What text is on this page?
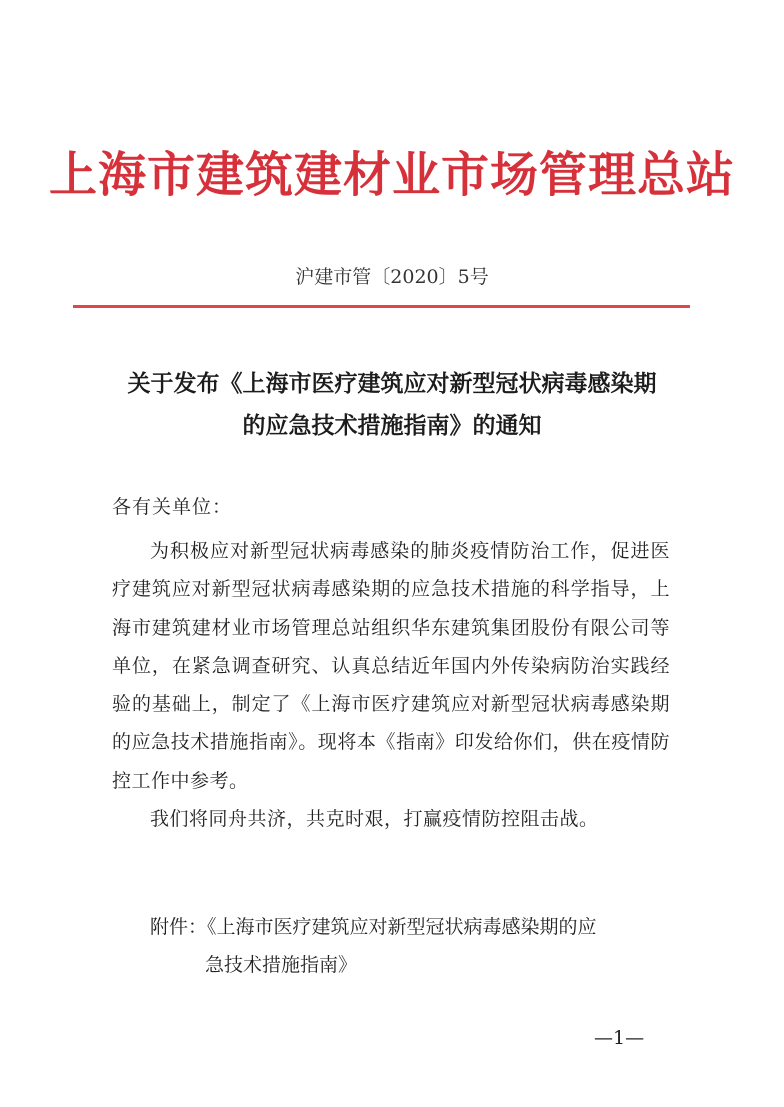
上海市建筑建材业市场管理总站
沪建市管〔2020〕5号
关于发布《上海市医疗建筑应对新型冠状病毒感染期
的应急技术措施指南》的通知
各有关单位：

为积极应对新型冠状病毒感染的肺炎疫情防治工作，促进医疗建筑应对新型冠状病毒感染期的应急技术措施的科学指导，上海市建筑建材业市场管理总站组织华东建筑集团股份有限公司等单位，在紧急调查研究、认真总结近年国内外传染病防治实践经验的基础上，制定了《上海市医疗建筑应对新型冠状病毒感染期的应急技术措施指南》。现将本《指南》印发给你们，供在疫情防控工作中参考。

我们将同舟共济，共克时艰，打赢疫情防控阻击战。

附件：《上海市医疗建筑应对新型冠状病毒感染期的应
急技术措施指南》
—1—
